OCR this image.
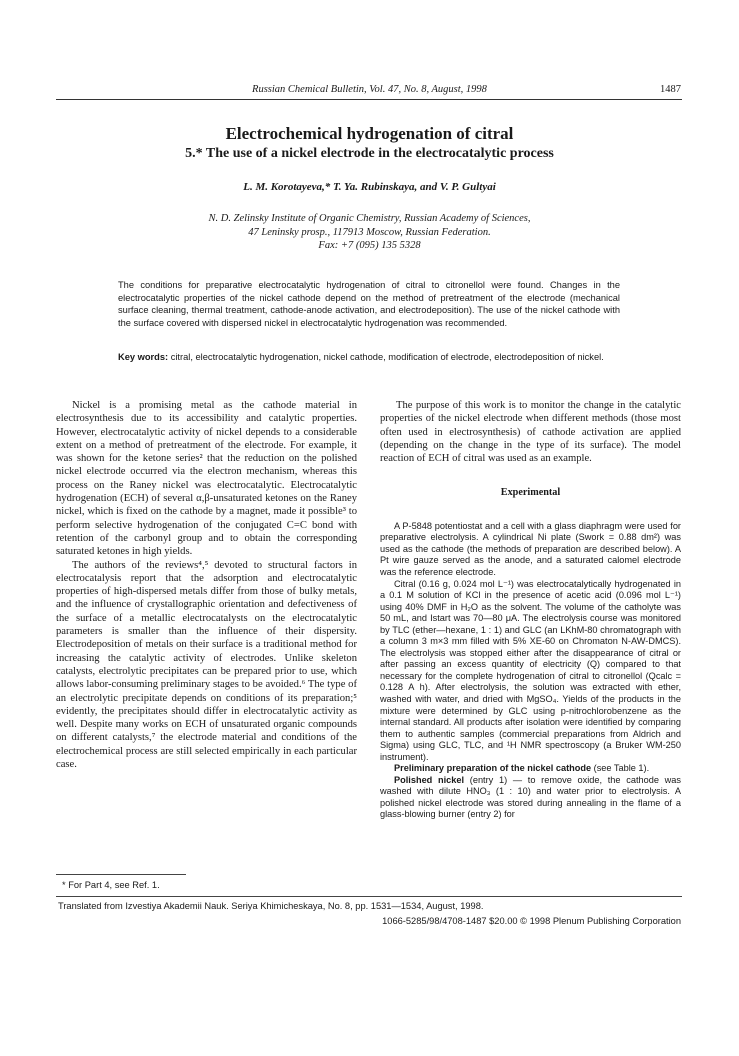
Russian Chemical Bulletin, Vol. 47, No. 8, August, 1998	1487
Electrochemical hydrogenation of citral
5.* The use of a nickel electrode in the electrocatalytic process
L. M. Korotayeva,* T. Ya. Rubinskaya, and V. P. Gultyai
N. D. Zelinsky Institute of Organic Chemistry, Russian Academy of Sciences,
47 Leninsky prosp., 117913 Moscow, Russian Federation.
Fax: +7 (095) 135 5328
The conditions for preparative electrocatalytic hydrogenation of citral to citronellol were found. Changes in the electrocatalytic properties of the nickel cathode depend on the method of pretreatment of the electrode (mechanical surface cleaning, thermal treatment, cathode-anode activation, and electrodeposition). The use of the nickel cathode with the surface covered with dispersed nickel in electrocatalytic hydrogenation was recommended.
Key words: citral, electrocatalytic hydrogenation, nickel cathode, modification of electrode, electrodeposition of nickel.

Nickel is a promising metal as the cathode material in electrosynthesis due to its accessibility and catalytic properties. However, electrocatalytic activity of nickel depends to a considerable extent on a method of pretreatment of the electrode. For example, it was shown for the ketone series² that the reduction on the polished nickel electrode occurred via the electron mechanism, whereas this process on the Raney nickel was electrocatalytic. Electrocatalytic hydrogenation (ECH) of several α,β-unsaturated ketones on the Raney nickel, which is fixed on the cathode by a magnet, made it possible³ to perform selective hydrogenation of the conjugated C=C bond with retention of the carbonyl group and to obtain the corresponding saturated ketones in high yields.

The authors of the reviews⁴,⁵ devoted to structural factors in electrocatalysis report that the adsorption and electrocatalytic properties of high-dispersed metals differ from those of bulky metals, and the influence of crystallographic orientation and defectiveness of the surface of a metallic electrocatalysts on the electrocatalytic parameters is smaller than the influence of their dispersity. Electrodeposition of metals on their surface is a traditional method for increasing the catalytic activity of electrodes. Unlike skeleton catalysts, electrolytic precipitates can be prepared prior to use, which allows labor-consuming preliminary stages to be avoided.⁶ The type of an electrolytic precipitate depends on conditions of its preparation;⁵ evidently, the precipitates should differ in electrocatalytic activity as well. Despite many works on ECH of unsaturated organic compounds on different catalysts,⁷ the electrode material and conditions of the electrochemical process are still selected empirically in each particular case.

The purpose of this work is to monitor the change in the catalytic properties of the nickel electrode when different methods (those most often used in electrosynthesis) of cathode activation are applied (depending on the change in the type of its surface). The model reaction of ECH of citral was used as an example.

Experimental

A P-5848 potentiostat and a cell with a glass diaphragm were used for preparative electrolysis. A cylindrical Ni plate (Swork = 0.88 dm²) was used as the cathode (the methods of preparation are described below). A Pt wire gauze served as the anode, and a saturated calomel electrode was the reference electrode.

Citral (0.16 g, 0.024 mol L⁻¹) was electrocatalytically hydrogenated in a 0.1 M solution of KCl in the presence of acetic acid (0.096 mol L⁻¹) using 40% DMF in H₂O as the solvent. The volume of the catholyte was 50 mL, and Istart was 70—80 μA. The electrolysis course was monitored by TLC (ether—hexane, 1 : 1) and GLC (an LKhM-80 chromatograph with a column 3 m×3 mm filled with 5% XE-60 on Chromaton N-AW-DMCS). The electrolysis was stopped either after the disappearance of citral or after passing an excess quantity of electricity (Q) compared to that necessary for the complete hydrogenation of citral to citronellol (Qcalc = 0.128 A h). After electrolysis, the solution was extracted with ether, washed with water, and dried with MgSO₄. Yields of the products in the mixture were determined by GLC using p-nitrochlorobenzene as the internal standard. All products after isolation were identified by comparing them to authentic samples (commercial preparations from Aldrich and Sigma) using GLC, TLC, and ¹H NMR spectroscopy (a Bruker WM-250 instrument).

Preliminary preparation of the nickel cathode (see Table 1).

Polished nickel (entry 1) — to remove oxide, the cathode was washed with dilute HNO₃ (1 : 10) and water prior to electrolysis. A polished nickel electrode was stored during annealing in the flame of a glass-blowing burner (entry 2) for

* For Part 4, see Ref. 1.
Translated from Izvestiya Akademii Nauk. Seriya Khimicheskaya, No. 8, pp. 1531—1534, August, 1998.
1066-5285/98/4708-1487 $20.00 © 1998 Plenum Publishing Corporation
